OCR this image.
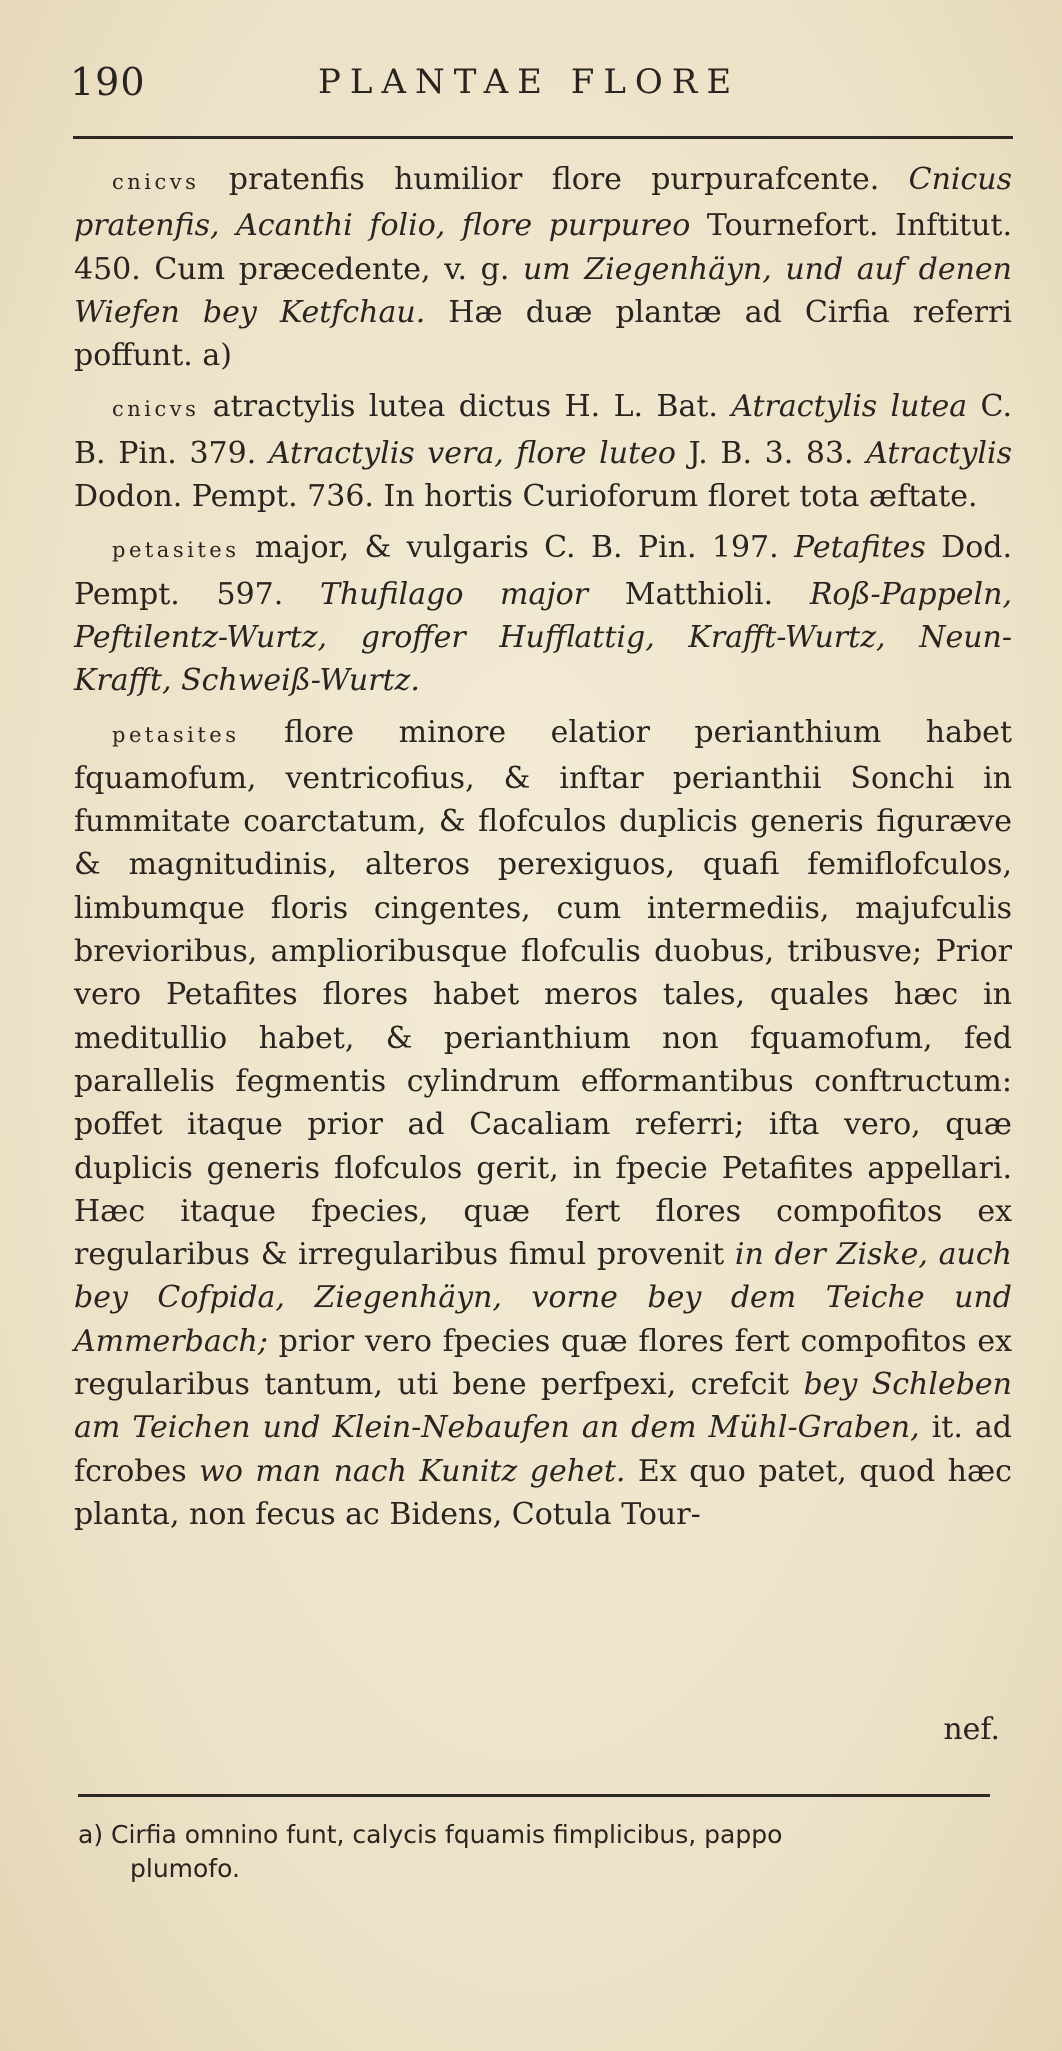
190	PLANTAE FLORE

cnicvs pratenfis humilior flore purpurafcente. Cnicus pratenfis, Acanthi folio, flore purpureo Tournefort. Inftitut. 450. Cum præcedente, v. g. um Ziegenhäyn, und auf denen Wiefen bey Ketfchau. Hæ duæ plantæ ad Cirfia referri poffunt. a)

cnicvs atractylis lutea dictus H. L. Bat. Atractylis lutea C. B. Pin. 379. Atractylis vera, flore luteo J. B. 3. 83. Atractylis Dodon. Pempt. 736. In hortis Curioforum floret tota æftate.

petasites major, & vulgaris C. B. Pin. 197. Petafites Dod. Pempt. 597. Thufilago major Matthioli. Roß-Pappeln, Peftilentz-Wurtz, groffer Hufflattig, Krafft-Wurtz, Neun-Krafft, Schweiß-Wurtz.

petasites flore minore elatior perianthium habet fquamofum, ventricofius, & inftar perianthii Sonchi in fummitate coarctatum, & flofculos duplicis generis figuræve & magnitudinis, alteros perexiguos, quafi femiflofculos, limbumque floris cingentes, cum intermediis, majufculis brevioribus, amplioribusque flofculis duobus, tribusve; Prior vero Petafites flores habet meros tales, quales hæc in meditullio habet, & perianthium non fquamofum, fed parallelis fegmentis cylindrum efformantibus conftructum: poffet itaque prior ad Cacaliam referri; ifta vero, quæ duplicis generis flofculos gerit, in fpecie Petafites appellari. Hæc itaque fpecies, quæ fert flores compofitos ex regularibus & irregularibus fimul provenit in der Ziske, auch bey Cofpida, Ziegenhäyn, vorne bey dem Teiche und Ammerbach; prior vero fpecies quæ flores fert compofitos ex regularibus tantum, uti bene perfpexi, crefcit bey Schleben am Teichen und Klein-Nebaufen an dem Mühl-Graben, it. ad fcrobes wo man nach Kunitz gehet. Ex quo patet, quod hæc planta, non fecus ac Bidens, Cotula Tour-

nef.

a) Cirfia omnino funt, calycis fquamis fimplicibus, pappo

plumofo.
